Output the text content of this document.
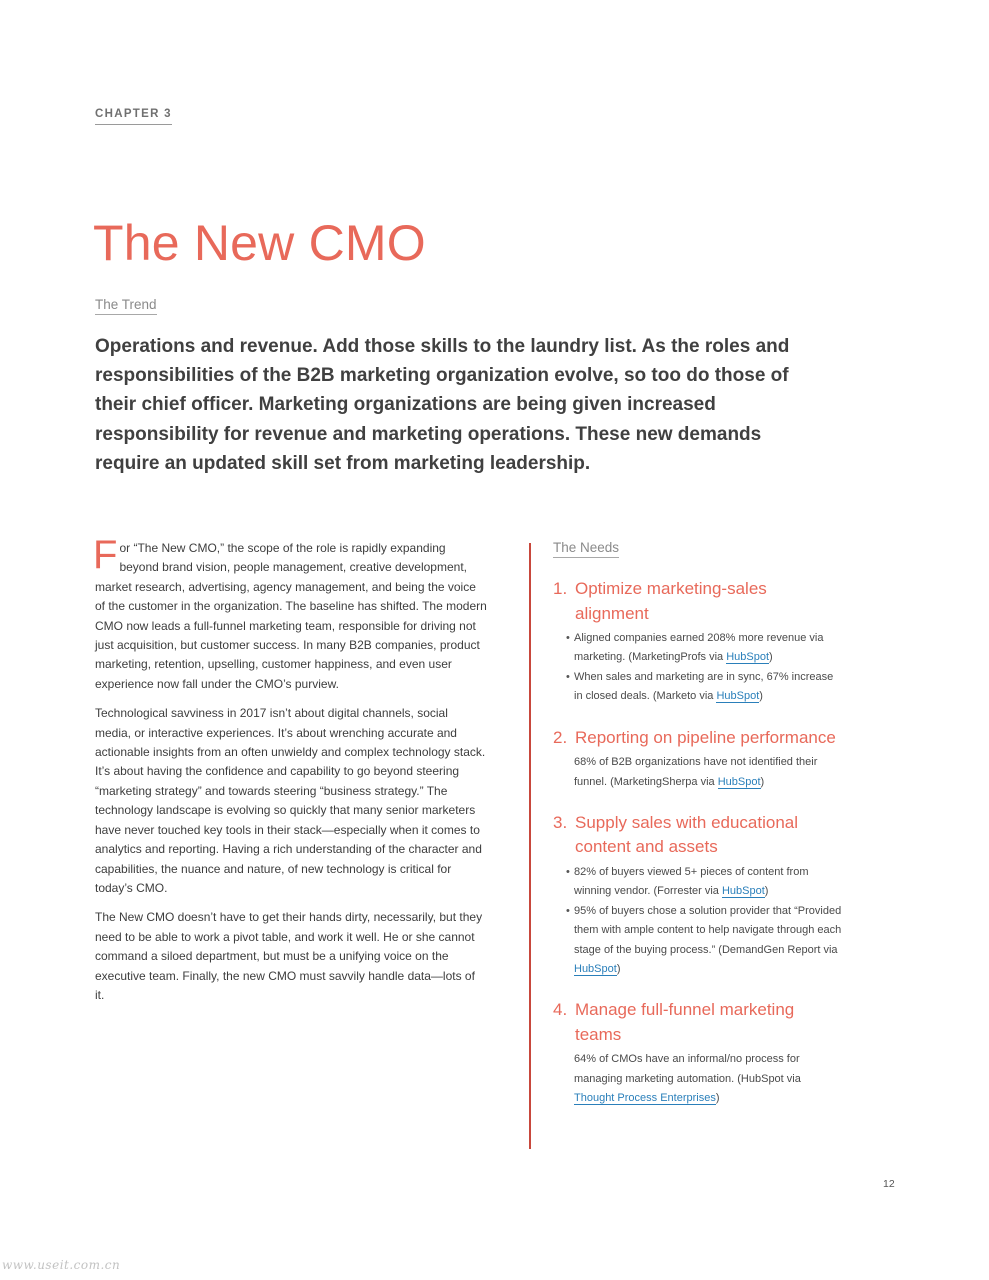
CHAPTER 3
The New CMO
The Trend

Operations and revenue. Add those skills to the laundry list. As the roles and responsibilities of the B2B marketing organization evolve, so too do those of their chief officer. Marketing organizations are being given increased responsibility for revenue and marketing operations. These new demands require an updated skill set from marketing leadership.

For “The New CMO,” the scope of the role is rapidly expanding beyond brand vision, people management, creative development, market research, advertising, agency management, and being the voice of the customer in the organization. The baseline has shifted. The modern CMO now leads a full-funnel marketing team, responsible for driving not just acquisition, but customer success. In many B2B companies, product marketing, retention, upselling, customer happiness, and even user experience now fall under the CMO’s purview.

Technological savviness in 2017 isn’t about digital channels, social media, or interactive experiences. It’s about wrenching accurate and actionable insights from an often unwieldy and complex technology stack. It’s about having the confidence and capability to go beyond steering “marketing strategy” and towards steering “business strategy.” The technology landscape is evolving so quickly that many senior marketers have never touched key tools in their stack—especially when it comes to analytics and reporting. Having a rich understanding of the character and capabilities, the nuance and nature, of new technology is critical for today’s CMO.

The New CMO doesn’t have to get their hands dirty, necessarily, but they need to be able to work a pivot table, and work it well. He or she cannot command a siloed department, but must be a unifying voice on the executive team. Finally, the new CMO must savvily handle data—lots of it.

The Needs
1. Optimize marketing-sales alignment
• Aligned companies earned 208% more revenue via marketing. (MarketingProfs via HubSpot)
• When sales and marketing are in sync, 67% increase in closed deals. (Marketo via HubSpot)
2. Reporting on pipeline performance
68% of B2B organizations have not identified their funnel. (MarketingSherpa via HubSpot)
3. Supply sales with educational content and assets
• 82% of buyers viewed 5+ pieces of content from winning vendor. (Forrester via HubSpot)
• 95% of buyers chose a solution provider that “Provided them with ample content to help navigate through each stage of the buying process.” (DemandGen Report via HubSpot)
4. Manage full-funnel marketing teams
64% of CMOs have an informal/no process for managing marketing automation. (HubSpot via Thought Process Enterprises)
12
www.useit.com.cn
